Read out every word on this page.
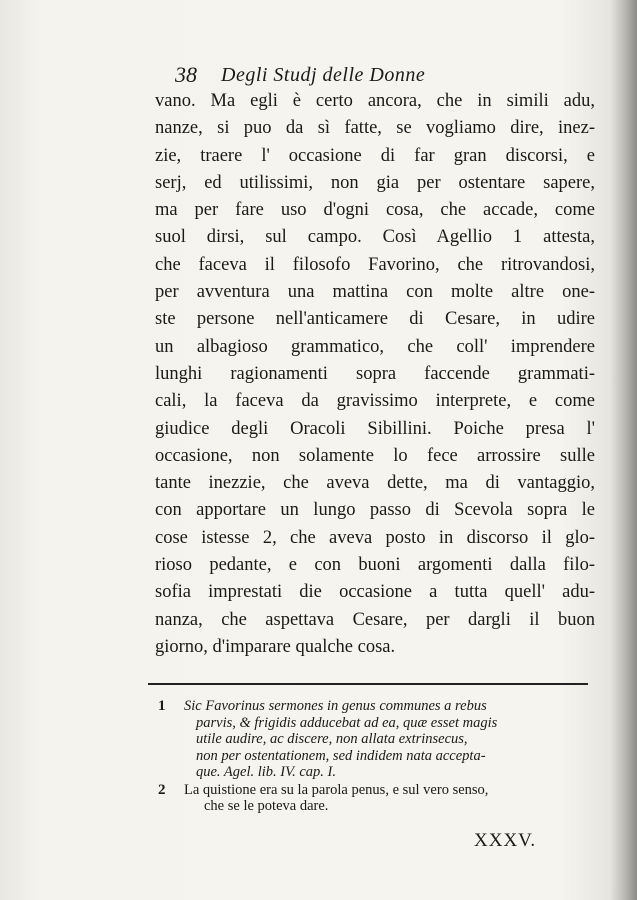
38 Degli Studj delle Donne
vano. Ma egli è certo ancora, che in simili adu,
nanze, si puo da sì fatte, se vogliamo dire, inez-
zie, traere l' occasione di far gran discorsi, e
serj, ed utilissimi, non gia per ostentare sapere,
ma per fare uso d'ogni cosa, che accade, come
suol dirsi, sul campo. Così Agellio 1 attesta,
che faceva il filosofo Favorino, che ritrovandosi,
per avventura una mattina con molte altre one-
ste persone nell'anticamere di Cesare, in udire
un albagioso grammatico, che coll' imprendere
lunghi ragionamenti sopra faccende grammati-
cali, la faceva da gravissimo interprete, e come
giudice degli Oracoli Sibillini. Poiche presa l'
occasione, non solamente lo fece arrossire sulle
tante inezzie, che aveva dette, ma di vantaggio,
con apportare un lungo passo di Scevola sopra le
cose istesse 2, che aveva posto in discorso il glo-
rioso pedante, e con buoni argomenti dalla filo-
sofia imprestati die occasione a tutta quell' adu-
nanza, che aspettava Cesare, per dargli il buon
giorno, d'imparare qualche cosa.
1 Sic Favorinus sermones in genus communes a rebus
parvis, & frigidis adducebat ad ea, quæ esset magis
utile audire, ac discere, non allata extrinsecus,
non per ostentationem, sed indidem nata accepta-
que. Agel. lib. IV. cap. I.
2 La quistione era su la parola penus, e sul vero senso,
che se le poteva dare.
XXXV.
